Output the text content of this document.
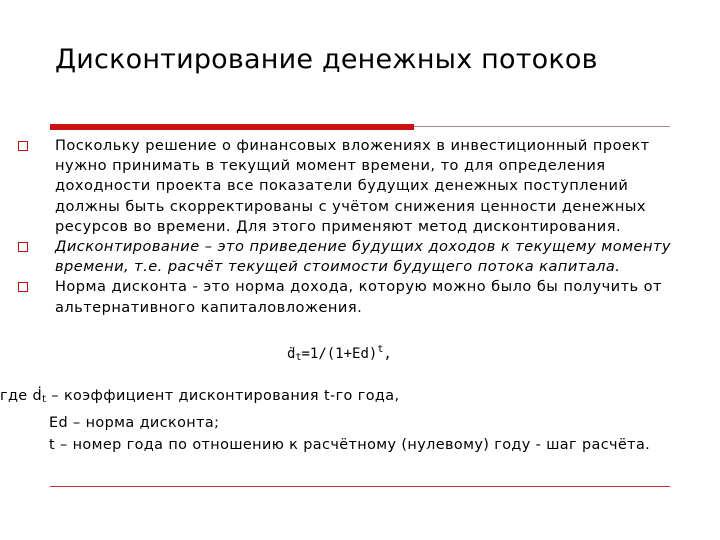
Дисконтирование денежных потоков
Поскольку решение о финансовых вложениях в инвестиционный проект
нужно принимать в текущий момент времени, то для определения
доходности проекта все показатели будущих денежных поступлений
должны быть скорректированы с учётом снижения ценности денежных
ресурсов во времени. Для этого применяют метод дисконтирования.
Дисконтирование – это приведение будущих доходов к текущему моменту
времени, т.е. расчёт текущей стоимости будущего потока капитала.
Норма дисконта - это норма дохода, которую можно было бы получить от
альтернативного капиталовложения.
$ḋ_t=1/(1+Ed)^t$,
где ḋ$_t$ – коэффициент дисконтирования t-го года,
Ed – норма дисконта;
t – номер года по отношению к расчётному (нулевому) году - шаг расчёта.
